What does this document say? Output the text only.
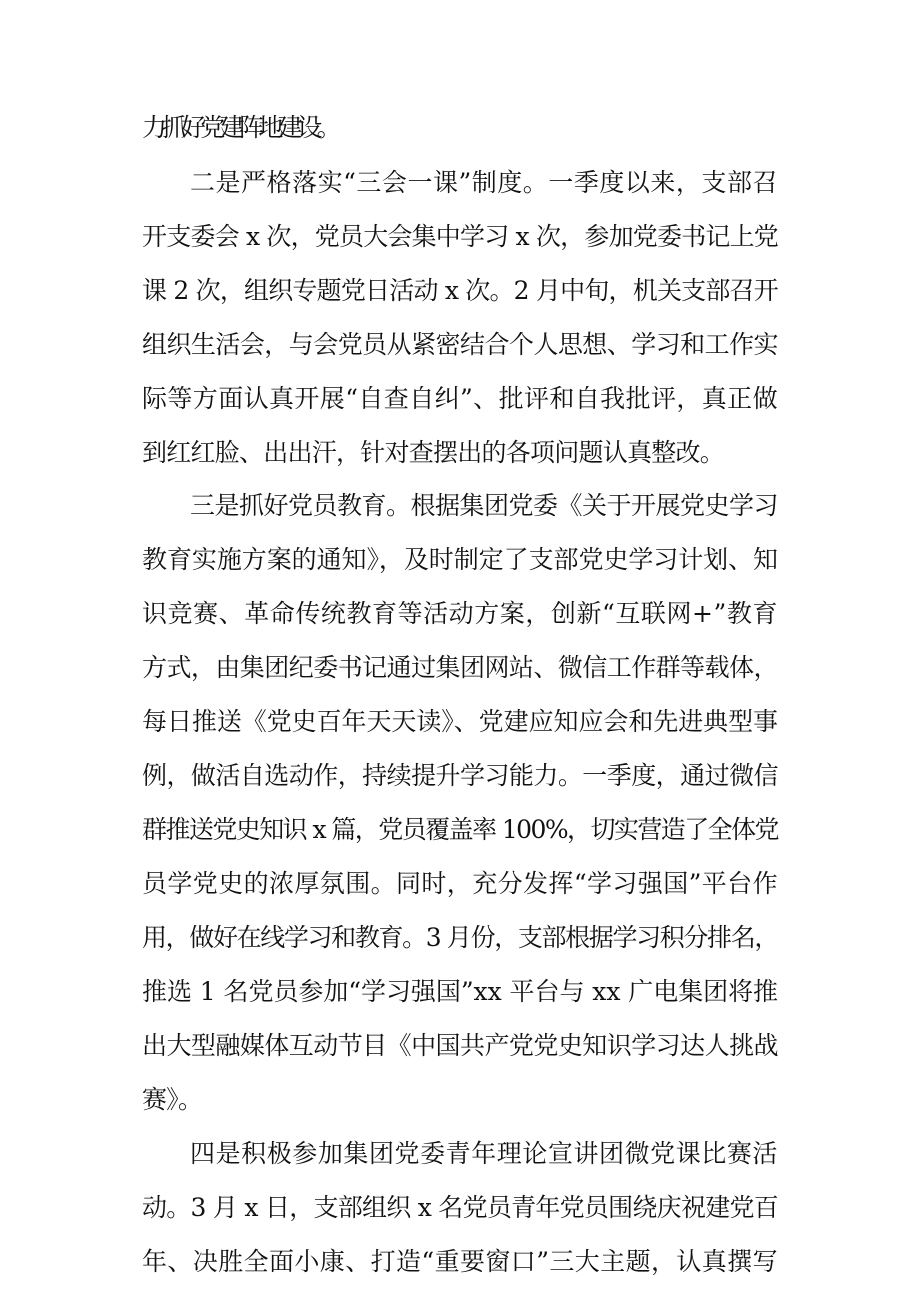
力抓好党建阵地建设。
二是严格落实“三会一课”制度。一季度以来，支部召
开支委会 x 次，党员大会集中学习 x 次，参加党委书记上党
课 2 次，组织专题党日活动 x 次。2 月中旬，机关支部召开
组织生活会，与会党员从紧密结合个人思想、学习和工作实
际等方面认真开展“自查自纠”、批评和自我批评，真正做
到红红脸、出出汗，针对查摆出的各项问题认真整改。
三是抓好党员教育。根据集团党委《关于开展党史学习
教育实施方案的通知》，及时制定了支部党史学习计划、知
识竞赛、革命传统教育等活动方案，创新“互联网+”教育
方式，由集团纪委书记通过集团网站、微信工作群等载体，
每日推送《党史百年天天读》、党建应知应会和先进典型事
例，做活自选动作，持续提升学习能力。一季度，通过微信
群推送党史知识 x 篇，党员覆盖率 100%，切实营造了全体党
员学党史的浓厚氛围。同时，充分发挥“学习强国”平台作
用，做好在线学习和教育。3 月份，支部根据学习积分排名，
推选 1 名党员参加“学习强国”xx 平台与 xx 广电集团将推
出大型融媒体互动节目《中国共产党党史知识学习达人挑战
赛》。
四是积极参加集团党委青年理论宣讲团微党课比赛活
动。3 月 x 日，支部组织 x 名党员青年党员围绕庆祝建党百
年、决胜全面小康、打造“重要窗口”三大主题，认真撰写
